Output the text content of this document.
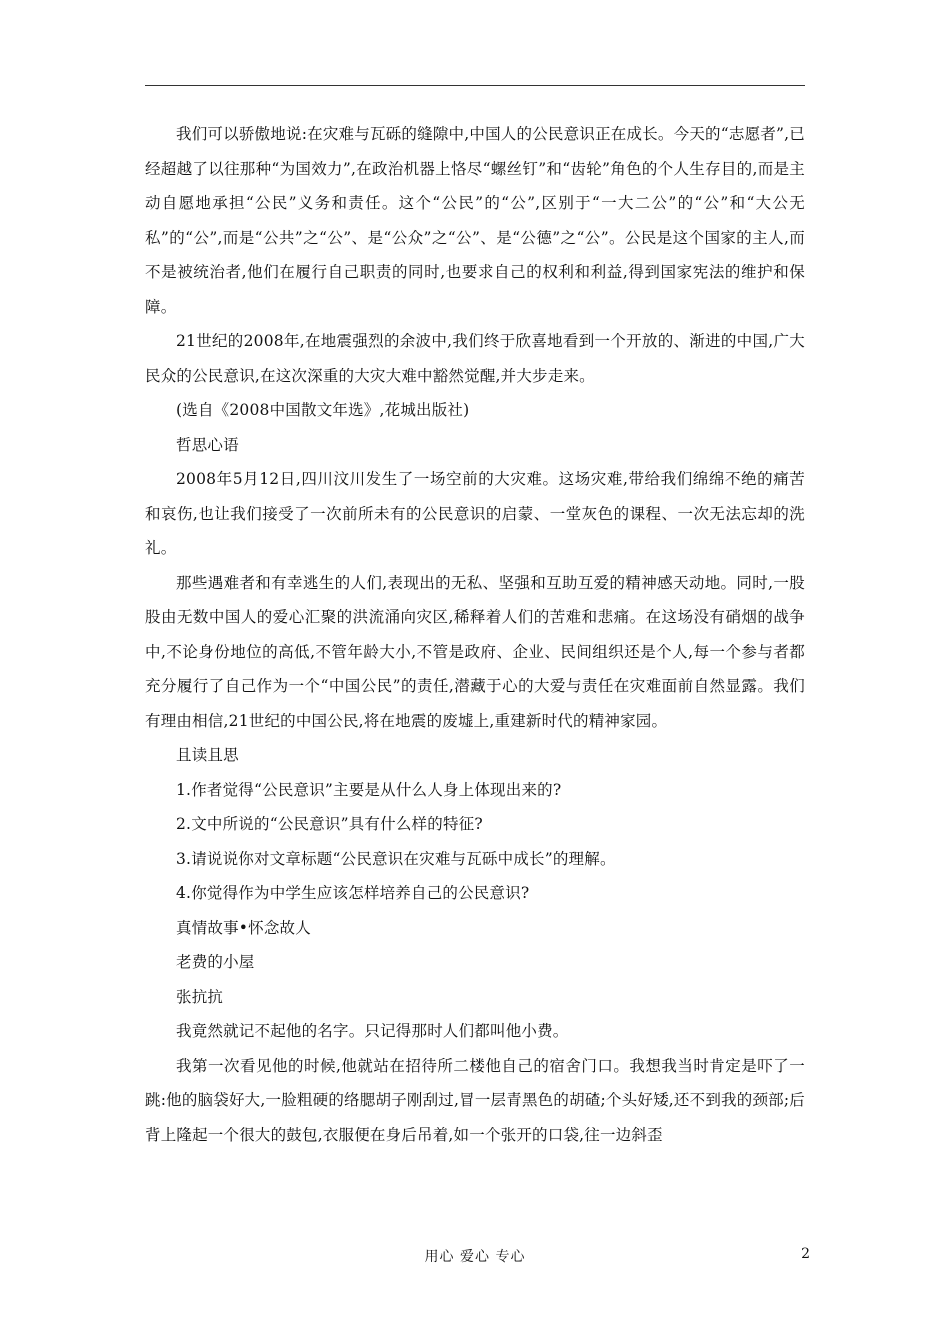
我们可以骄傲地说:在灾难与瓦砾的缝隙中,中国人的公民意识正在成长。今天的“志愿者”,已经超越了以往那种“为国效力”,在政治机器上恪尽“螺丝钉”和“齿轮”角色的个人生存目的,而是主动自愿地承担“公民”义务和责任。这个“公民”的“公”,区别于“一大二公”的“公”和“大公无私”的“公”,而是“公共”之“公”、是“公众”之“公”、是“公德”之“公”。公民是这个国家的主人,而不是被统治者,他们在履行自己职责的同时,也要求自己的权利和利益,得到国家宪法的维护和保障。

21世纪的2008年,在地震强烈的余波中,我们终于欣喜地看到一个开放的、渐进的中国,广大民众的公民意识,在这次深重的大灾大难中豁然觉醒,并大步走来。

(选自《2008中国散文年选》,花城出版社)

哲思心语

2008年5月12日,四川汶川发生了一场空前的大灾难。这场灾难,带给我们绵绵不绝的痛苦和哀伤,也让我们接受了一次前所未有的公民意识的启蒙、一堂灰色的课程、一次无法忘却的洗礼。

那些遇难者和有幸逃生的人们,表现出的无私、坚强和互助互爱的精神感天动地。同时,一股股由无数中国人的爱心汇聚的洪流涌向灾区,稀释着人们的苦难和悲痛。在这场没有硝烟的战争中,不论身份地位的高低,不管年龄大小,不管是政府、企业、民间组织还是个人,每一个参与者都充分履行了自己作为一个“中国公民”的责任,潜藏于心的大爱与责任在灾难面前自然显露。我们有理由相信,21世纪的中国公民,将在地震的废墟上,重建新时代的精神家园。

且读且思

1.作者觉得“公民意识”主要是从什么人身上体现出来的?

2.文中所说的“公民意识”具有什么样的特征?

3.请说说你对文章标题“公民意识在灾难与瓦砾中成长”的理解。

4.你觉得作为中学生应该怎样培养自己的公民意识?

真情故事•怀念故人

老费的小屋

张抗抗

我竟然就记不起他的名字。只记得那时人们都叫他小费。

我第一次看见他的时候,他就站在招待所二楼他自己的宿舍门口。我想我当时肯定是吓了一跳:他的脑袋好大,一脸粗硬的络腮胡子刚刮过,冒一层青黑色的胡碴;个头好矮,还不到我的颈部;后背上隆起一个很大的鼓包,衣服便在身后吊着,如一个张开的口袋,往一边斜歪

用心 爱心 专心	2
